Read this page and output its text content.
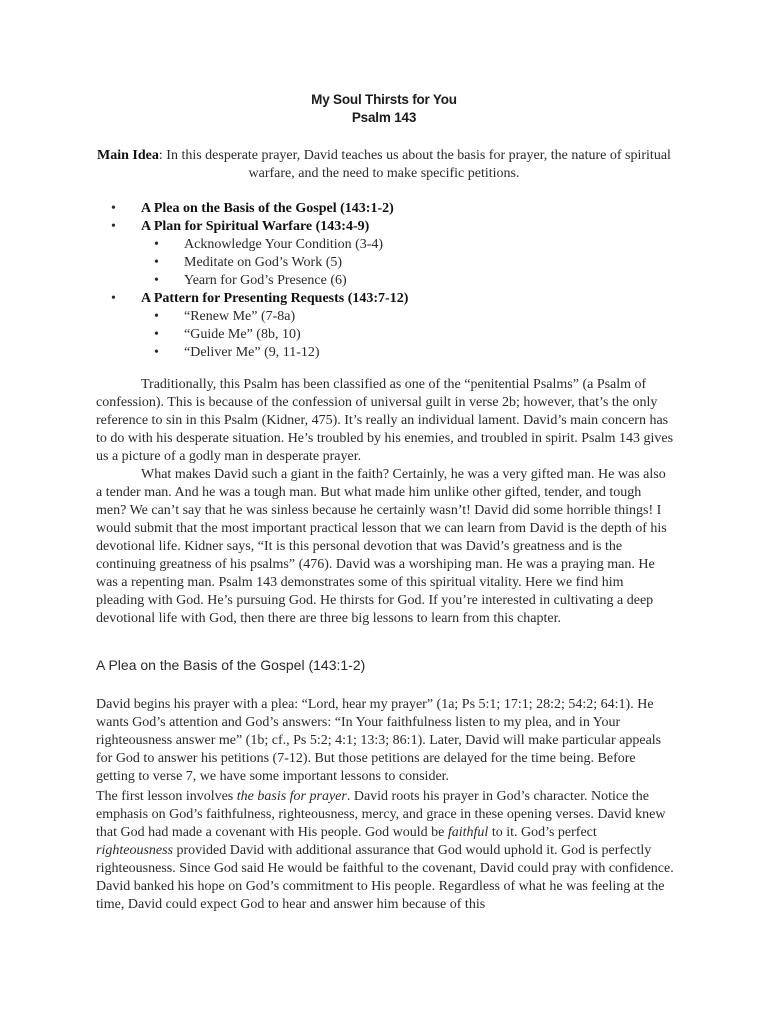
My Soul Thirsts for You
Psalm 143
Main Idea: In this desperate prayer, David teaches us about the basis for prayer, the nature of spiritual warfare, and the need to make specific petitions.
• A Plea on the Basis of the Gospel (143:1-2)
• A Plan for Spiritual Warfare (143:4-9)
• Acknowledge Your Condition (3-4)
• Meditate on God’s Work (5)
• Yearn for God’s Presence (6)
• A Pattern for Presenting Requests (143:7-12)
• “Renew Me” (7-8a)
• “Guide Me” (8b, 10)
• “Deliver Me” (9, 11-12)
Traditionally, this Psalm has been classified as one of the “penitential Psalms” (a Psalm of confession). This is because of the confession of universal guilt in verse 2b; however, that’s the only reference to sin in this Psalm (Kidner, 475). It’s really an individual lament. David’s main concern has to do with his desperate situation. He’s troubled by his enemies, and troubled in spirit. Psalm 143 gives us a picture of a godly man in desperate prayer.
What makes David such a giant in the faith? Certainly, he was a very gifted man. He was also a tender man. And he was a tough man. But what made him unlike other gifted, tender, and tough men? We can’t say that he was sinless because he certainly wasn’t! David did some horrible things! I would submit that the most important practical lesson that we can learn from David is the depth of his devotional life. Kidner says, “It is this personal devotion that was David’s greatness and is the continuing greatness of his psalms” (476). David was a worshiping man. He was a praying man. He was a repenting man. Psalm 143 demonstrates some of this spiritual vitality. Here we find him pleading with God. He’s pursuing God. He thirsts for God. If you’re interested in cultivating a deep devotional life with God, then there are three big lessons to learn from this chapter.
A Plea on the Basis of the Gospel (143:1-2)
David begins his prayer with a plea: “Lord, hear my prayer” (1a; Ps 5:1; 17:1; 28:2; 54:2; 64:1). He wants God’s attention and God’s answers: “In Your faithfulness listen to my plea, and in Your righteousness answer me” (1b; cf., Ps 5:2; 4:1; 13:3; 86:1). Later, David will make particular appeals for God to answer his petitions (7-12). But those petitions are delayed for the time being. Before getting to verse 7, we have some important lessons to consider.
The first lesson involves the basis for prayer. David roots his prayer in God’s character. Notice the emphasis on God’s faithfulness, righteousness, mercy, and grace in these opening verses. David knew that God had made a covenant with His people. God would be faithful to it. God’s perfect righteousness provided David with additional assurance that God would uphold it. God is perfectly righteousness. Since God said He would be faithful to the covenant, David could pray with confidence. David banked his hope on God’s commitment to His people. Regardless of what he was feeling at the time, David could expect God to hear and answer him because of this
